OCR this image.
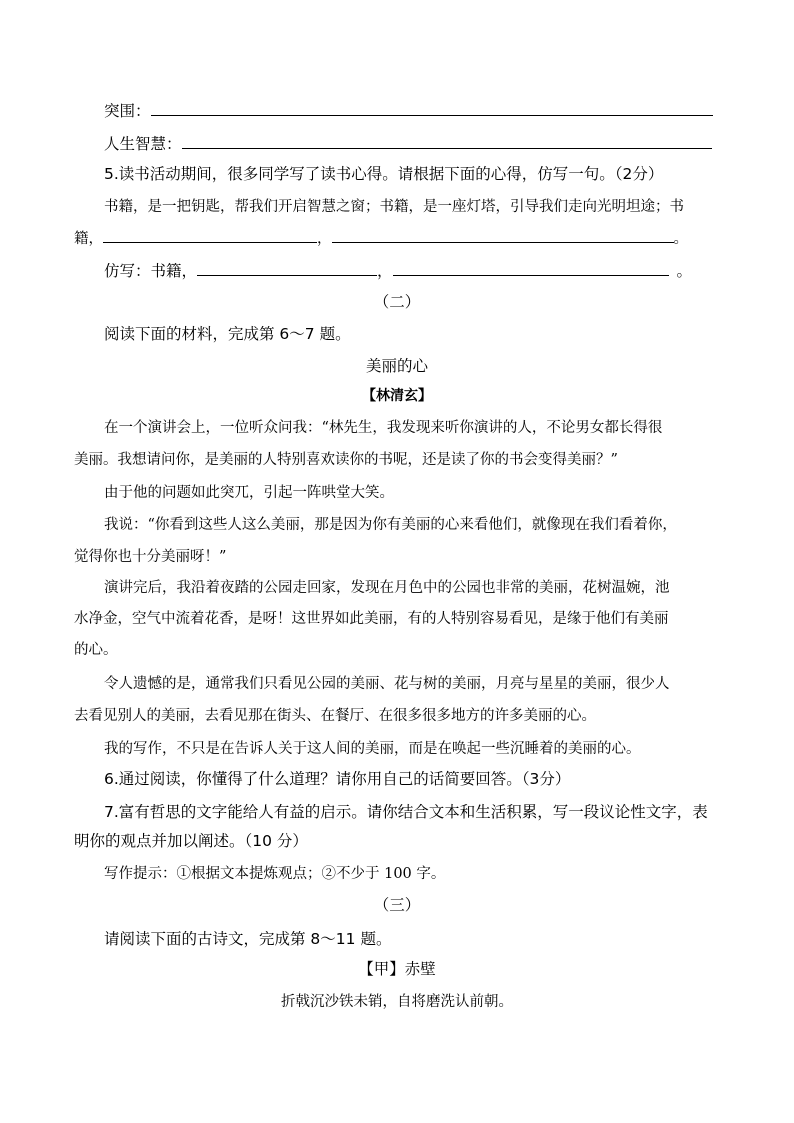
突围：
人生智慧：
5.读书活动期间，很多同学写了读书心得。请根据下面的心得，仿写一句。（2分）
书籍，是一把钥匙，帮我们开启智慧之窗；书籍，是一座灯塔，引导我们走向光明坦途；书
籍，	，	。
仿写：书籍，	，	。
（二）
阅读下面的材料，完成第 6～7 题。
美丽的心
【林清玄】
在一个演讲会上，一位听众问我：“林先生，我发现来听你演讲的人，不论男女都长得很
美丽。我想请问你，是美丽的人特别喜欢读你的书呢，还是读了你的书会变得美丽？”
由于他的问题如此突兀，引起一阵哄堂大笑。
我说：“你看到这些人这么美丽，那是因为你有美丽的心来看他们，就像现在我们看着你，
觉得你也十分美丽呀！”
演讲完后，我沿着夜踏的公园走回家，发现在月色中的公园也非常的美丽，花树温婉，池
水净金，空气中流着花香，是呀！这世界如此美丽，有的人特别容易看见，是缘于他们有美丽
的心。
令人遗憾的是，通常我们只看见公园的美丽、花与树的美丽，月亮与星星的美丽，很少人
去看见别人的美丽，去看见那在街头、在餐厅、在很多很多地方的许多美丽的心。
我的写作，不只是在告诉人关于这人间的美丽，而是在唤起一些沉睡着的美丽的心。
6.通过阅读，你懂得了什么道理？请你用自己的话简要回答。（3分）
7.富有哲思的文字能给人有益的启示。请你结合文本和生活积累，写一段议论性文字，表
明你的观点并加以阐述。（10 分）
写作提示：①根据文本提炼观点；②不少于 100 字。
（三）
请阅读下面的古诗文，完成第 8～11 题。
【甲】赤壁
折戟沉沙铁未销，自将磨洗认前朝。
